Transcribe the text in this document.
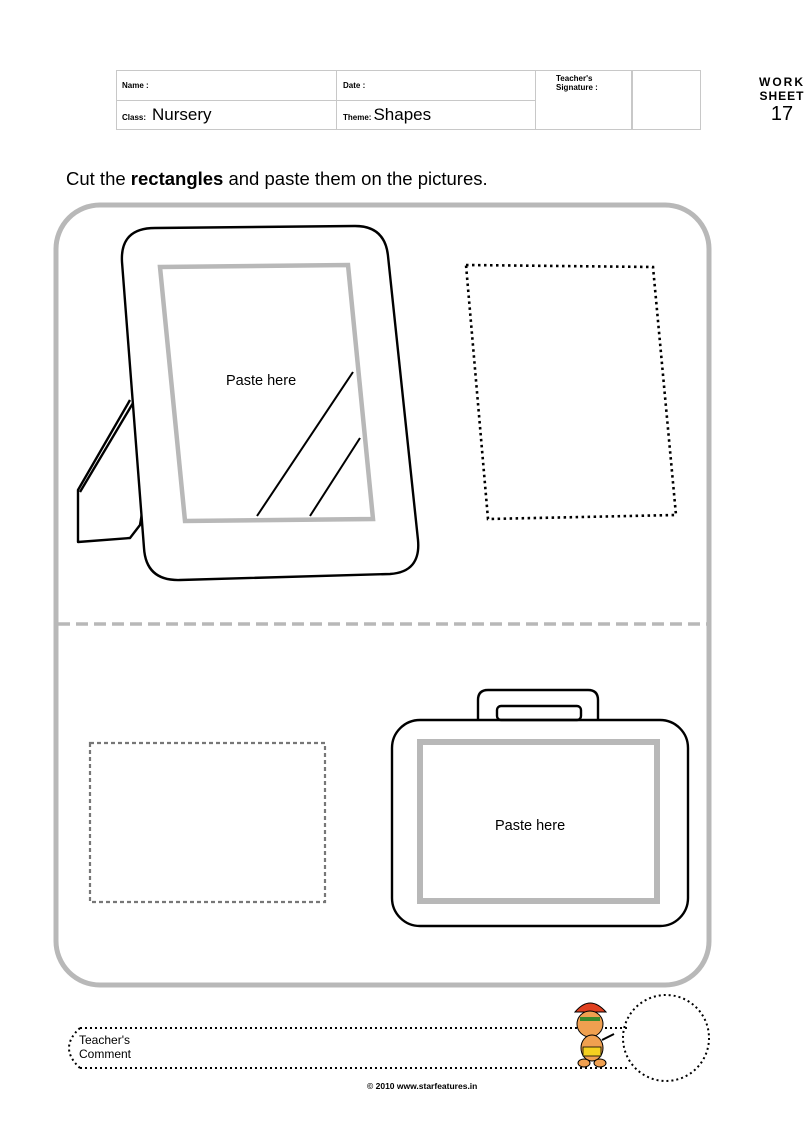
Name :	Date :
Teacher's Signature :
Class: Nursery	Theme: Shapes
WORK
SHEET
17
Cut the rectangles and paste them on the pictures.
Paste here
Paste here
Teacher's
Comment
© 2010 www.starfeatures.in
